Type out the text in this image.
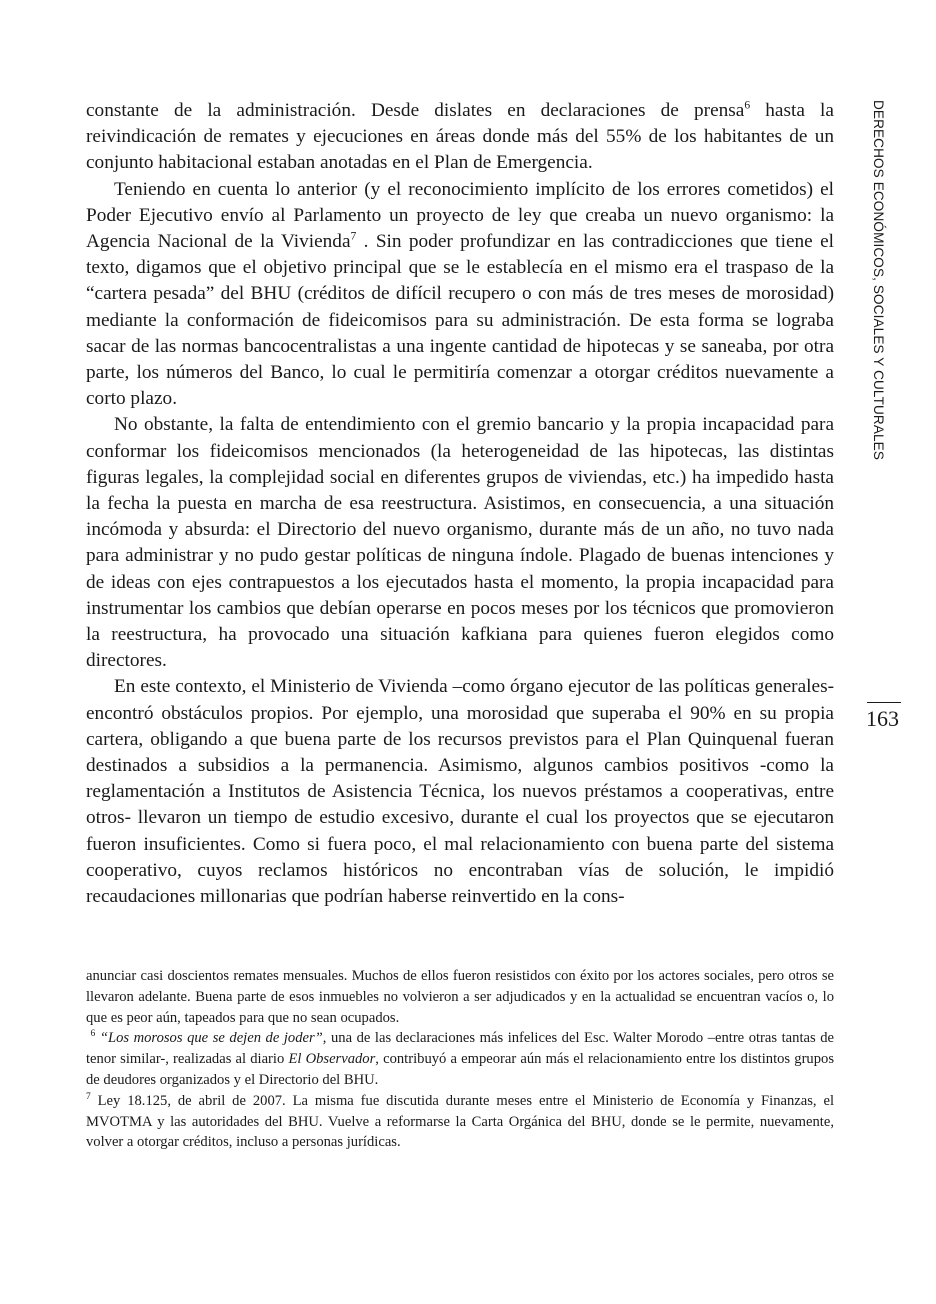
constante de la administración. Desde dislates en declaraciones de prensa$^6$ hasta la reivindicación de remates y ejecuciones en áreas donde más del 55% de los habitantes de un conjunto habitacional estaban anotadas en el Plan de Emergencia.

Teniendo en cuenta lo anterior (y el reconocimiento implícito de los errores cometidos) el Poder Ejecutivo envío al Parlamento un proyecto de ley que creaba un nuevo organismo: la Agencia Nacional de la Vivienda$^7$ . Sin poder profundizar en las contradicciones que tiene el texto, digamos que el objetivo principal que se le establecía en el mismo era el traspaso de la “cartera pesada” del BHU (créditos de difícil recupero o con más de tres meses de morosidad) mediante la conformación de fideicomisos para su administración. De esta forma se lograba sacar de las normas bancocentralistas a una ingente cantidad de hipotecas y se saneaba, por otra parte, los números del Banco, lo cual le permitiría comenzar a otorgar créditos nuevamente a corto plazo.

No obstante, la falta de entendimiento con el gremio bancario y la propia incapacidad para conformar los fideicomisos mencionados (la heterogeneidad de las hipotecas, las distintas figuras legales, la complejidad social en diferentes grupos de viviendas, etc.) ha impedido hasta la fecha la puesta en marcha de esa reestructura. Asistimos, en consecuencia, a una situación incómoda y absurda: el Directorio del nuevo organismo, durante más de un año, no tuvo nada para administrar y no pudo gestar políticas de ninguna índole. Plagado de buenas intenciones y de ideas con ejes contrapuestos a los ejecutados hasta el momento, la propia incapacidad para instrumentar los cambios que debían operarse en pocos meses por los técnicos que promovieron la reestructura, ha provocado una situación kafkiana para quienes fueron elegidos como directores.

En este contexto, el Ministerio de Vivienda –como órgano ejecutor de las políticas generales- encontró obstáculos propios. Por ejemplo, una morosidad que superaba el 90% en su propia cartera, obligando a que buena parte de los recursos previstos para el Plan Quinquenal fueran destinados a subsidios a la permanencia. Asimismo, algunos cambios positivos -como la reglamentación a Institutos de Asistencia Técnica, los nuevos préstamos a cooperativas, entre otros- llevaron un tiempo de estudio excesivo, durante el cual los proyectos que se ejecutaron fueron insuficientes. Como si fuera poco, el mal relacionamiento con buena parte del sistema cooperativo, cuyos reclamos históricos no encontraban vías de solución, le impidió recaudaciones millonarias que podrían haberse reinvertido en la cons-

anunciar casi doscientos remates mensuales. Muchos de ellos fueron resistidos con éxito por los actores sociales, pero otros se llevaron adelante. Buena parte de esos inmuebles no volvieron a ser adjudicados y en la actualidad se encuentran vacíos o, lo que es peor aún, tapeados para que no sean ocupados.

$^6$ “Los morosos que se dejen de joder”, una de las declaraciones más infelices del Esc. Walter Morodo –entre otras tantas de tenor similar-, realizadas al diario El Observador, contribuyó a empeorar aún más el relacionamiento entre los distintos grupos de deudores organizados y el Directorio del BHU.

$^7$ Ley 18.125, de abril de 2007. La misma fue discutida durante meses entre el Ministerio de Economía y Finanzas, el MVOTMA y las autoridades del BHU. Vuelve a reformarse la Carta Orgánica del BHU, donde se le permite, nuevamente, volver a otorgar créditos, incluso a personas jurídicas.

DERECHOS ECONÓMICOS, SOCIALES Y CULTURALES
163
